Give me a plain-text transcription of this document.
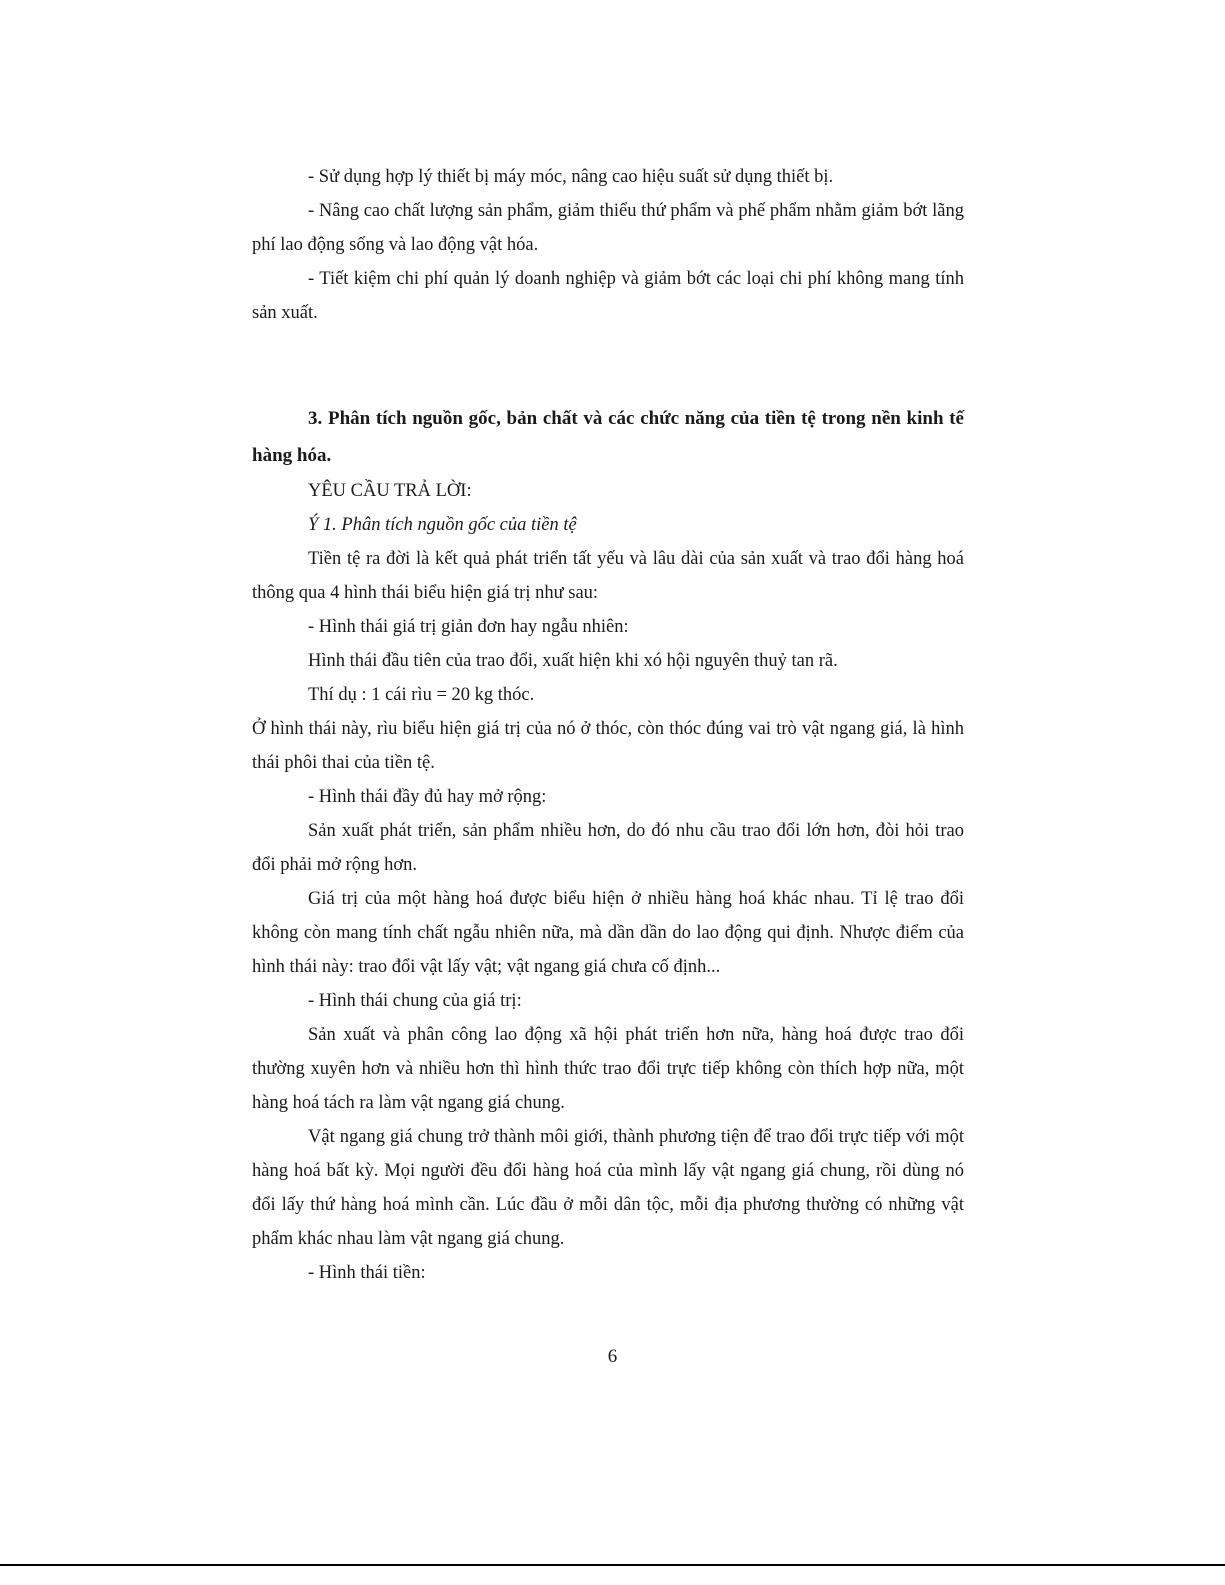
- Sử dụng hợp lý thiết bị máy móc, nâng cao hiệu suất sử dụng thiết bị.

- Nâng cao chất lượng sản phẩm, giảm thiểu thứ phẩm và phế phẩm nhằm giảm bớt lãng phí lao động sống và lao động vật hóa.

- Tiết kiệm chi phí quản lý doanh nghiệp và giảm bớt các loại chi phí không mang tính sản xuất.

3. Phân tích nguồn gốc, bản chất và các chức năng của tiền tệ trong nền kinh tế hàng hóa.

YÊU CẦU TRẢ LỜI:

Ý 1. Phân tích nguồn gốc của tiền tệ

Tiền tệ ra đời là kết quả phát triển tất yếu và lâu dài của sản xuất và trao đổi hàng hoá thông qua 4 hình thái biểu hiện giá trị như sau:

- Hình thái giá trị giản đơn hay ngẫu nhiên:

Hình thái đầu tiên của trao đổi, xuất hiện khi xó hội nguyên thuỷ tan rã.

Thí dụ : 1 cái rìu = 20 kg thóc.

Ở hình thái này, rìu biểu hiện giá trị của nó ở thóc, còn thóc đúng vai trò vật ngang giá, là hình thái phôi thai của tiền tệ.

- Hình thái đầy đủ hay mở rộng:

Sản xuất phát triển, sản phẩm nhiều hơn, do đó nhu cầu trao đổi lớn hơn, đòi hỏi trao đổi phải mở rộng hơn.

Giá trị của một hàng hoá được biểu hiện ở nhiều hàng hoá khác nhau. Tỉ lệ trao đổi không còn mang tính chất ngẫu nhiên nữa, mà dần dần do lao động qui định. Nhược điểm của hình thái này: trao đổi vật lấy vật; vật ngang giá chưa cố định...

- Hình thái chung của giá trị:

Sản xuất và phân công lao động xã hội phát triển hơn nữa, hàng hoá được trao đổi thường xuyên hơn và nhiều hơn thì hình thức trao đổi trực tiếp không còn thích hợp nữa, một hàng hoá tách ra làm vật ngang giá chung.

Vật ngang giá chung trở thành môi giới, thành phương tiện để trao đổi trực tiếp với một hàng hoá bất kỳ. Mọi người đều đổi hàng hoá của mình lấy vật ngang giá chung, rồi dùng nó đổi lấy thứ hàng hoá mình cần. Lúc đầu ở mỗi dân tộc, mỗi địa phương thường có những vật phẩm khác nhau làm vật ngang giá chung.

- Hình thái tiền:

6
